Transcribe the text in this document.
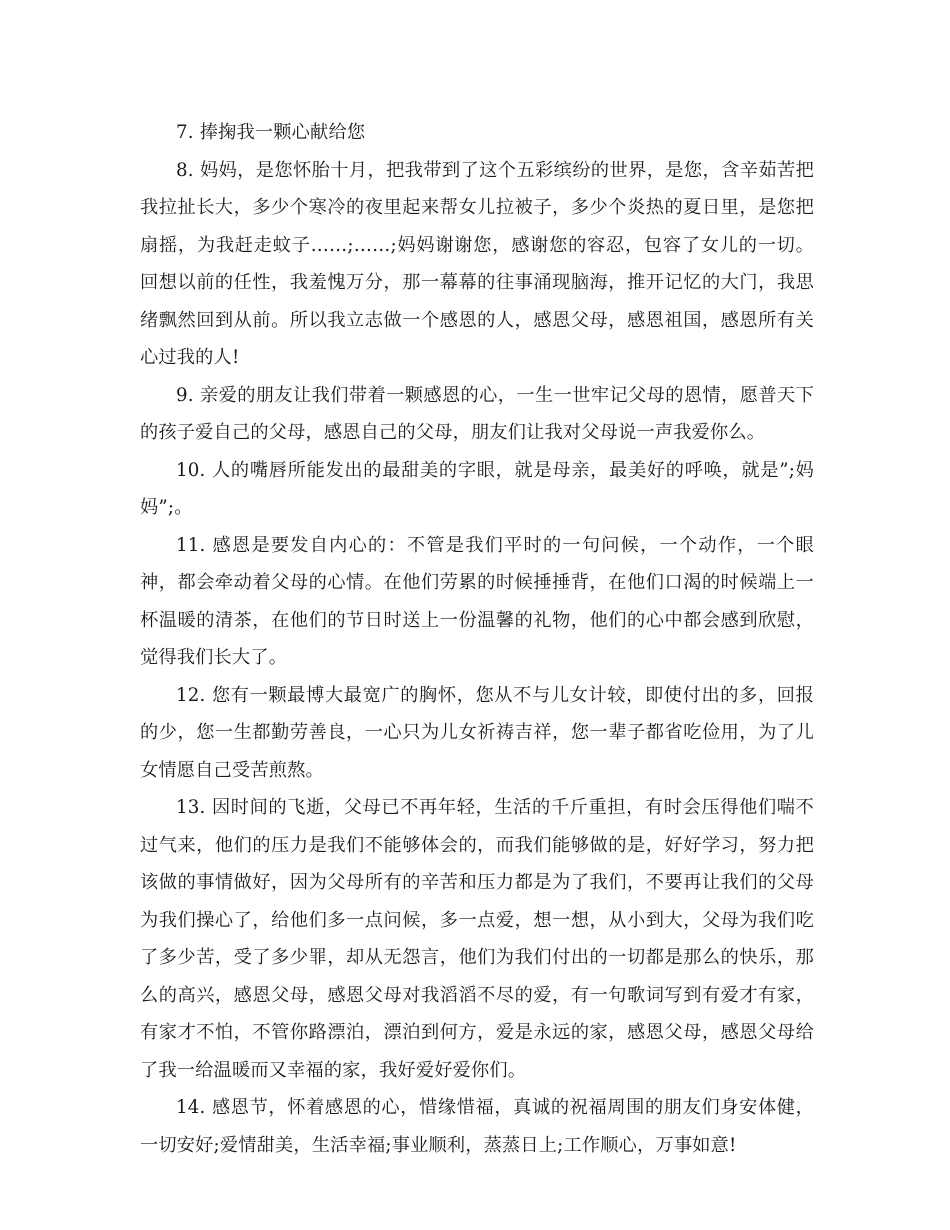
7. 捧掬我一颗心献给您

8. 妈妈，是您怀胎十月，把我带到了这个五彩缤纷的世界，是您，含辛茹苦把我拉扯长大，多少个寒冷的夜里起来帮女儿拉被子，多少个炎热的夏日里，是您把扇摇，为我赶走蚊子……;……;妈妈谢谢您，感谢您的容忍，包容了女儿的一切。回想以前的任性，我羞愧万分，那一幕幕的往事涌现脑海，推开记忆的大门，我思绪飘然回到从前。所以我立志做一个感恩的人，感恩父母，感恩祖国，感恩所有关心过我的人!

9. 亲爱的朋友让我们带着一颗感恩的心，一生一世牢记父母的恩情，愿普天下的孩子爱自己的父母，感恩自己的父母，朋友们让我对父母说一声我爱你么。

10. 人的嘴唇所能发出的最甜美的字眼，就是母亲，最美好的呼唤，就是”;妈妈”;。

11. 感恩是要发自内心的：不管是我们平时的一句问候，一个动作，一个眼神，都会牵动着父母的心情。在他们劳累的时候捶捶背，在他们口渴的时候端上一杯温暖的清茶，在他们的节日时送上一份温馨的礼物，他们的心中都会感到欣慰，觉得我们长大了。

12. 您有一颗最博大最宽广的胸怀，您从不与儿女计较，即使付出的多，回报的少，您一生都勤劳善良，一心只为儿女祈祷吉祥，您一辈子都省吃俭用，为了儿女情愿自己受苦煎熬。

13. 因时间的飞逝，父母已不再年轻，生活的千斤重担，有时会压得他们喘不过气来，他们的压力是我们不能够体会的，而我们能够做的是，好好学习，努力把该做的事情做好，因为父母所有的辛苦和压力都是为了我们，不要再让我们的父母为我们操心了，给他们多一点问候，多一点爱，想一想，从小到大，父母为我们吃了多少苦，受了多少罪，却从无怨言，他们为我们付出的一切都是那么的快乐，那么的高兴，感恩父母，感恩父母对我滔滔不尽的爱，有一句歌词写到有爱才有家，有家才不怕，不管你路漂泊，漂泊到何方，爱是永远的家，感恩父母，感恩父母给了我一给温暖而又幸福的家，我好爱好爱你们。

14. 感恩节，怀着感恩的心，惜缘惜福，真诚的祝福周围的朋友们身安体健，一切安好;爱情甜美，生活幸福;事业顺利，蒸蒸日上;工作顺心，万事如意!
